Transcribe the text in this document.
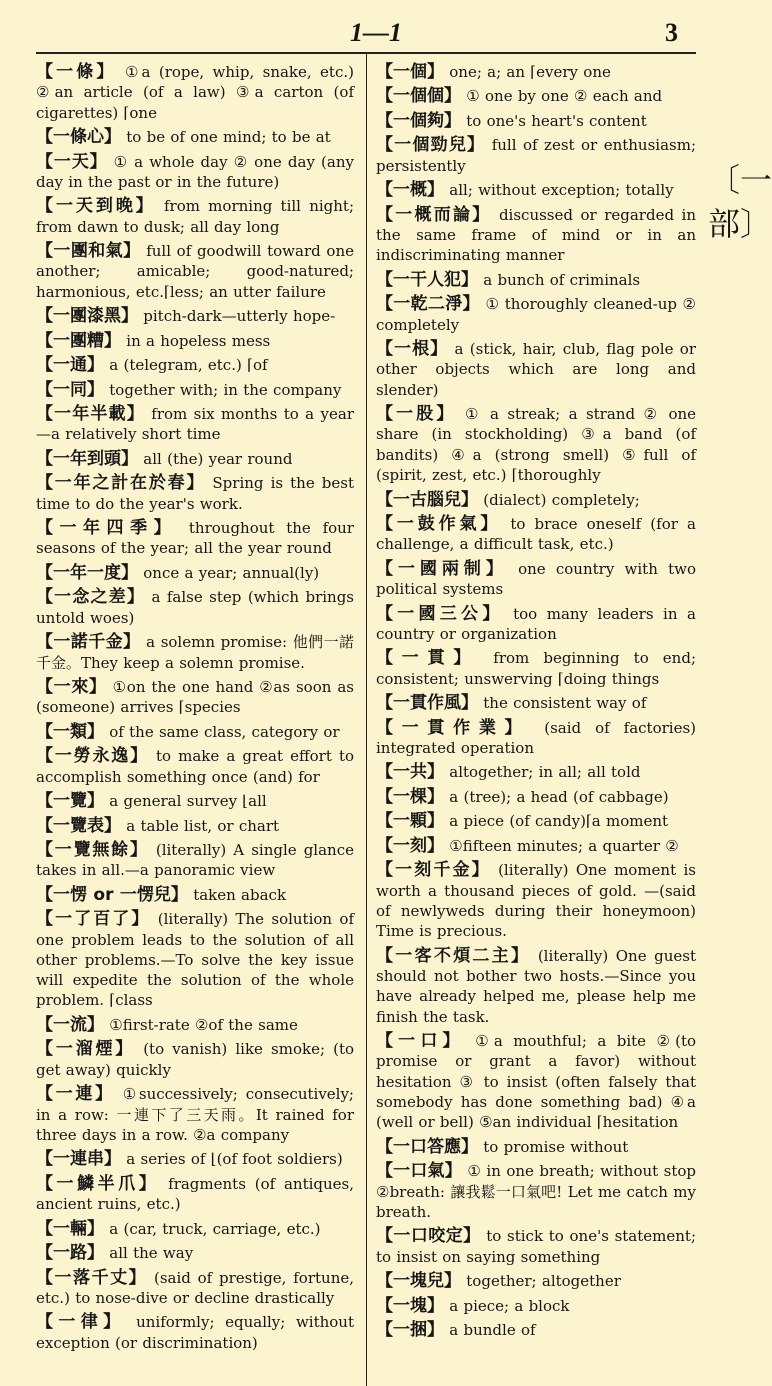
1—1	3
〔一部〕
【一條】 ①a (rope, whip, snake, etc.) ②an article (of a law) ③a carton (of cigarettes) ⌈one
【一條心】 to be of one mind; to be at
【一天】 ① a whole day ② one day (any day in the past or in the future)
【一天到晚】 from morning till night; from dawn to dusk; all day long
【一團和氣】 full of goodwill toward one another; amicable; good-natured; harmonious, etc.⌈less; an utter failure
【一團漆黑】 pitch-dark—utterly hope-
【一團糟】 in a hopeless mess
【一通】 a (telegram, etc.) ⌈of
【一同】 together with; in the company
【一年半載】 from six months to a year —a relatively short time
【一年到頭】 all (the) year round
【一年之計在於春】 Spring is the best time to do the year's work.
【一年四季】 throughout the four seasons of the year; all the year round
【一年一度】 once a year; annual(ly)
【一念之差】 a false step (which brings untold woes)
【一諾千金】 a solemn promise: 他們一諾千金。They keep a solemn promise.
【一來】 ①on the one hand ②as soon as (someone) arrives ⌈species
【一類】 of the same class, category or
【一勞永逸】 to make a great effort to accomplish something once (and) for
【一覽】 a general survey ⌊all
【一覽表】 a table list, or chart
【一覽無餘】 (literally) A single glance takes in all.—a panoramic view
【一愣 or 一愣兒】 taken aback
【一了百了】 (literally) The solution of one problem leads to the solution of all other problems.—To solve the key issue will expedite the solution of the whole problem. ⌈class
【一流】 ①first-rate ②of the same
【一溜煙】 (to vanish) like smoke; (to get away) quickly
【一連】 ①successively; consecutively; in a row: 一連下了三天雨。It rained for three days in a row. ②a company
【一連串】 a series of ⌊(of foot soldiers)
【一鱗半爪】 fragments (of antiques, ancient ruins, etc.)
【一輛】 a (car, truck, carriage, etc.)
【一路】 all the way
【一落千丈】 (said of prestige, fortune, etc.) to nose-dive or decline drastically
【一律】 uniformly; equally; without exception (or discrimination)
【一個】 one; a; an ⌈every one
【一個個】 ① one by one ② each and
【一個夠】 to one's heart's content
【一個勁兒】 full of zest or enthusiasm; persistently
【一概】 all; without exception; totally
【一概而論】 discussed or regarded in the same frame of mind or in an indiscriminating manner
【一干人犯】 a bunch of criminals
【一乾二淨】 ① thoroughly cleaned-up ② completely
【一根】 a (stick, hair, club, flag pole or other objects which are long and slender)
【一股】 ① a streak; a strand ② one share (in stockholding) ③a band (of bandits) ④a (strong smell) ⑤full of (spirit, zest, etc.) ⌈thoroughly
【一古腦兒】 (dialect) completely;
【一鼓作氣】 to brace oneself (for a challenge, a difficult task, etc.)
【一國兩制】 one country with two political systems
【一國三公】 too many leaders in a country or organization
【一貫】 from beginning to end; consistent; unswerving ⌈doing things
【一貫作風】 the consistent way of
【一貫作業】 (said of factories) integrated operation
【一共】 altogether; in all; all told
【一棵】 a (tree); a head (of cabbage)
【一顆】 a piece (of candy)⌈a moment
【一刻】 ①fifteen minutes; a quarter ②
【一刻千金】 (literally) One moment is worth a thousand pieces of gold. —(said of newlyweds during their honeymoon) Time is precious.
【一客不煩二主】 (literally) One guest should not bother two hosts.—Since you have already helped me, please help me finish the task.
【一口】 ①a mouthful; a bite ②(to promise or grant a favor) without hesitation ③ to insist (often falsely that somebody has done something bad) ④a (well or bell) ⑤an individual ⌈hesitation
【一口答應】 to promise without
【一口氣】 ① in one breath; without stop ②breath: 讓我鬆一口氣吧! Let me catch my breath.
【一口咬定】 to stick to one's statement; to insist on saying something
【一塊兒】 together; altogether
【一塊】 a piece; a block
【一捆】 a bundle of
